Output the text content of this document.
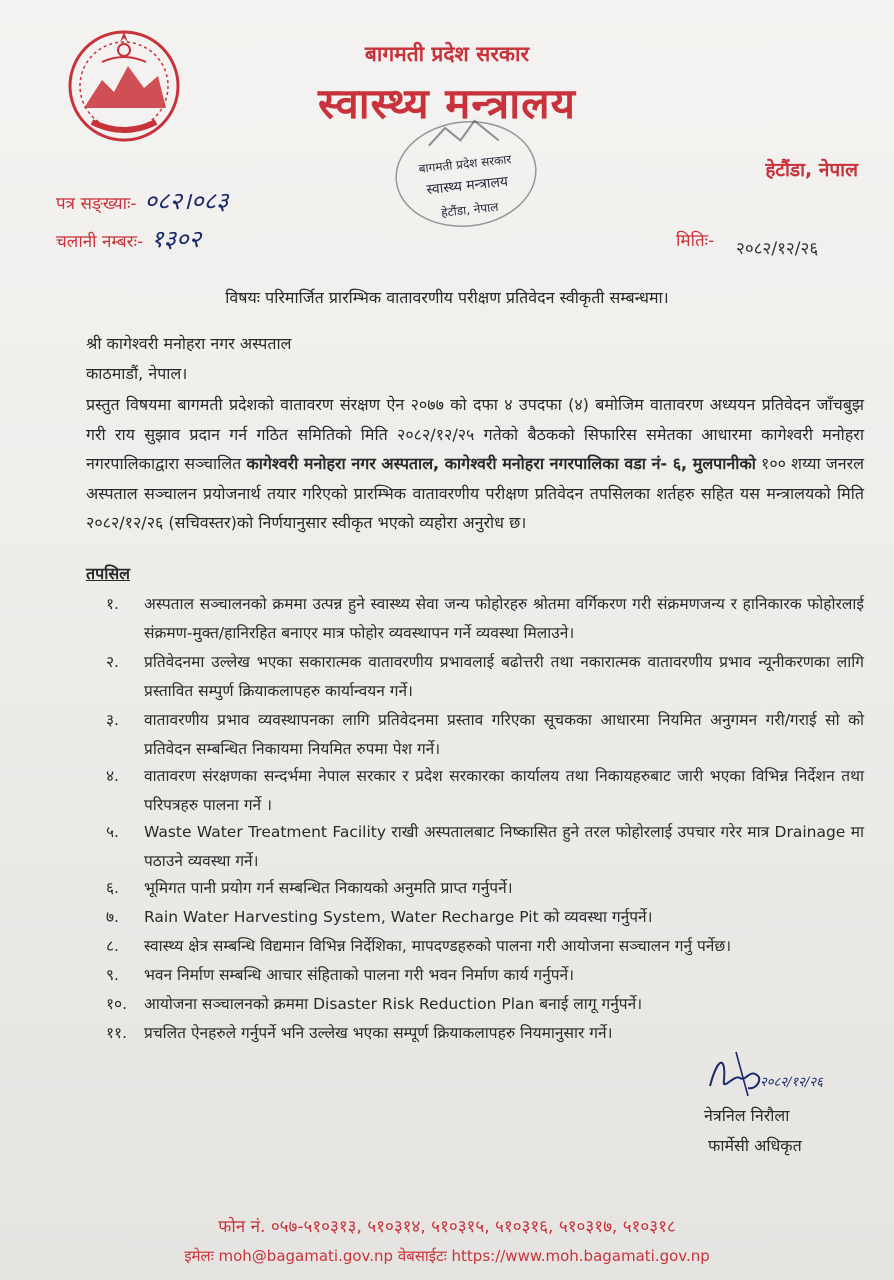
बागमती प्रदेश सरकार
स्वास्थ्य मन्त्रालय
बागमती प्रदेश सरकार
स्वास्थ्य मन्त्रालय
हेटौंडा, नेपाल
हेटौंडा, नेपाल
पत्र सङ्ख्याः- ०८२।०८३
चलानी नम्बरः- १३०२	मितिः- २०८२/१२/२६
विषयः परिमार्जित प्रारम्भिक वातावरणीय परीक्षण प्रतिवेदन स्वीकृती सम्बन्धमा।
श्री कागेश्वरी मनोहरा नगर अस्पताल
काठमाडौं, नेपाल।
प्रस्तुत विषयमा बागमती प्रदेशको वातावरण संरक्षण ऐन २०७७ को दफा ४ उपदफा (४) बमोजिम वातावरण अध्ययन प्रतिवेदन जाँचबुझ गरी राय सुझाव प्रदान गर्न गठित समितिको मिति २०८२/१२/२५ गतेको बैठकको सिफारिस समेतका आधारमा कागेश्वरी मनोहरा नगरपालिकाद्वारा सञ्चालित कागेश्वरी मनोहरा नगर अस्पताल, कागेश्वरी मनोहरा नगरपालिका वडा नं- ६, मुलपानीको १०० शय्या जनरल अस्पताल सञ्चालन प्रयोजनार्थ तयार गरिएको प्रारम्भिक वातावरणीय परीक्षण प्रतिवेदन तपसिलका शर्तहरु सहित यस मन्त्रालयको मिति २०८२/१२/२६ (सचिवस्तर)को निर्णयानुसार स्वीकृत भएको व्यहोरा अनुरोध छ।
तपसिल
१.	अस्पताल सञ्चालनको क्रममा उत्पन्न हुने स्वास्थ्य सेवा जन्य फोहोरहरु श्रोतमा वर्गिकरण गरी संक्रमणजन्य र हानिकारक फोहोरलाई संक्रमण-मुक्त/हानिरहित बनाएर मात्र फोहोर व्यवस्थापन गर्ने व्यवस्था मिलाउने।
२.	प्रतिवेदनमा उल्लेख भएका सकारात्मक वातावरणीय प्रभावलाई बढोत्तरी तथा नकारात्मक वातावरणीय प्रभाव न्यूनीकरणका लागि प्रस्तावित सम्पुर्ण क्रियाकलापहरु कार्यान्वयन गर्ने।
३.	वातावरणीय प्रभाव व्यवस्थापनका लागि प्रतिवेदनमा प्रस्ताव गरिएका सूचकका आधारमा नियमित अनुगमन गरी/गराई सो को प्रतिवेदन सम्बन्धित निकायमा नियमित रुपमा पेश गर्ने।
४.	वातावरण संरक्षणका सन्दर्भमा नेपाल सरकार र प्रदेश सरकारका कार्यालय तथा निकायहरुबाट जारी भएका विभिन्न निर्देशन तथा परिपत्रहरु पालना गर्ने ।
५.	Waste Water Treatment Facility राखी अस्पतालबाट निष्कासित हुने तरल फोहोरलाई उपचार गरेर मात्र Drainage मा पठाउने व्यवस्था गर्ने।
६.	भूमिगत पानी प्रयोग गर्न सम्बन्धित निकायको अनुमति प्राप्त गर्नुपर्ने।
७.	Rain Water Harvesting System, Water Recharge Pit को व्यवस्था गर्नुपर्ने।
८.	स्वास्थ्य क्षेत्र सम्बन्धि विद्यमान विभिन्न निर्देशिका, मापदण्डहरुको पालना गरी आयोजना सञ्चालन गर्नु पर्नेछ।
९.	भवन निर्माण सम्बन्धि आचार संहिताको पालना गरी भवन निर्माण कार्य गर्नुपर्ने।
१०.	आयोजना सञ्चालनको क्रममा Disaster Risk Reduction Plan बनाई लागू गर्नुपर्ने।
११.	प्रचलित ऐनहरुले गर्नुपर्ने भनि उल्लेख भएका सम्पूर्ण क्रियाकलापहरु नियमानुसार गर्ने।
२०८२/१२/२६
नेत्रनिल निरौला
फार्मेसी अधिकृत
फोन नं. ०५७-५१०३१३, ५१०३१४, ५१०३१५, ५१०३१६, ५१०३१७, ५१०३१८
इमेलः moh@bagamati.gov.np वेबसाईटः https://www.moh.bagamati.gov.np
